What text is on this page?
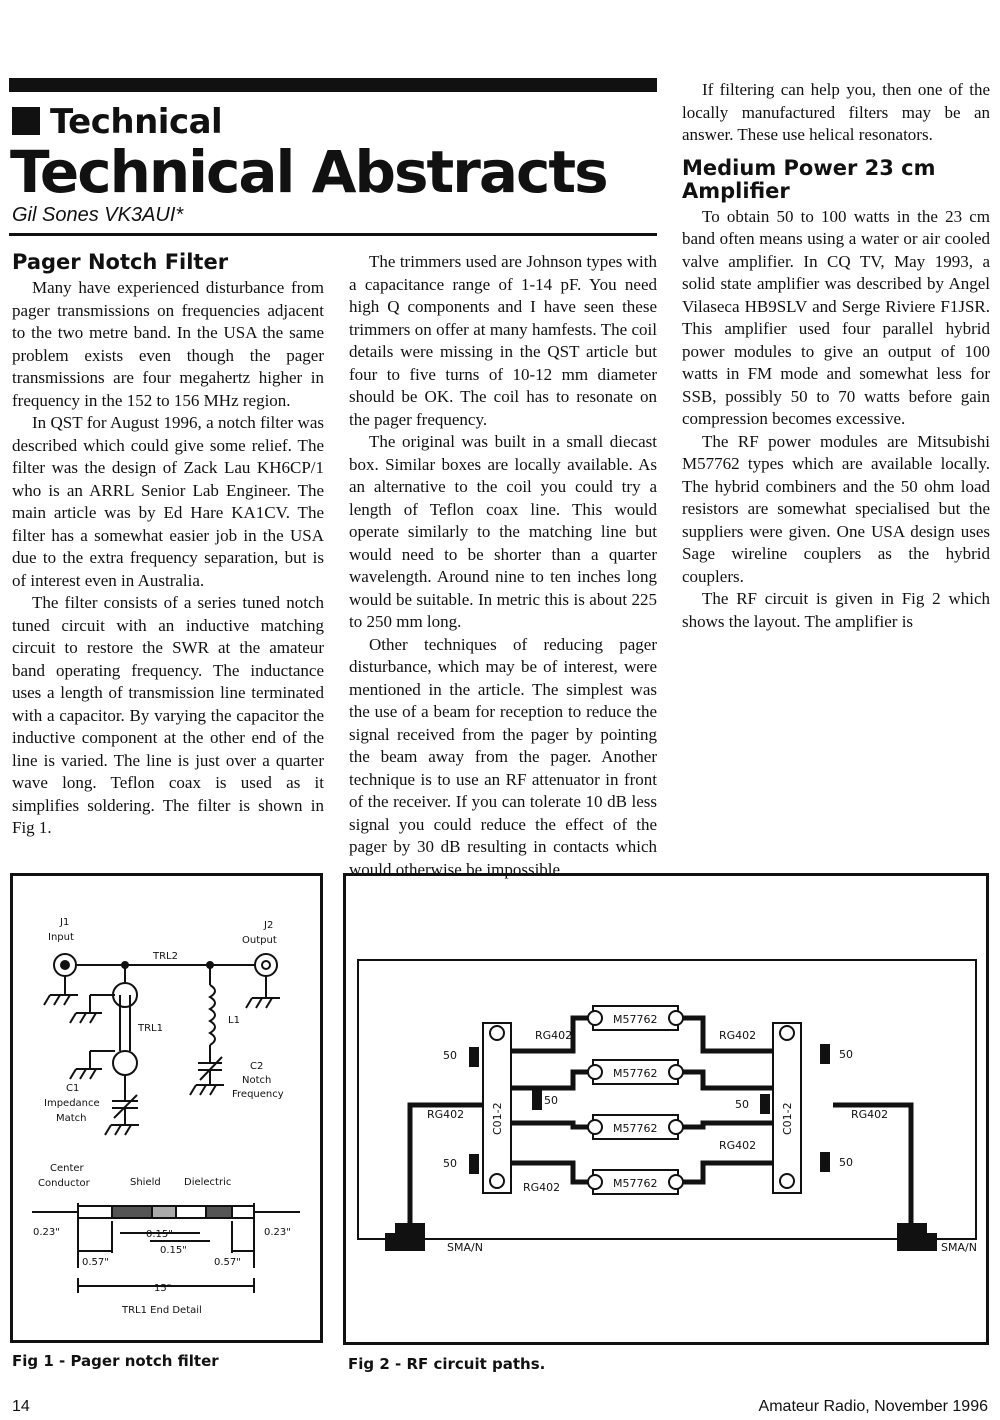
Technical
Technical Abstracts
Gil Sones VK3AUI*
Pager Notch Filter

Many have experienced disturbance from pager transmissions on frequencies adjacent to the two metre band. In the USA the same problem exists even though the pager transmissions are four megahertz higher in frequency in the 152 to 156 MHz region.

In QST for August 1996, a notch filter was described which could give some relief. The filter was the design of Zack Lau KH6CP/1 who is an ARRL Senior Lab Engineer. The main article was by Ed Hare KA1CV. The filter has a somewhat easier job in the USA due to the extra frequency separation, but is of interest even in Australia.

The filter consists of a series tuned notch tuned circuit with an inductive matching circuit to restore the SWR at the amateur band operating frequency. The inductance uses a length of transmission line terminated with a capacitor. By varying the capacitor the inductive component at the other end of the line is varied. The line is just over a quarter wave long. Teflon coax is used as it simplifies soldering. The filter is shown in Fig 1.

The trimmers used are Johnson types with a capacitance range of 1-14 pF. You need high Q components and I have seen these trimmers on offer at many hamfests. The coil details were missing in the QST article but four to five turns of 10-12 mm diameter should be OK. The coil has to resonate on the pager frequency.

The original was built in a small diecast box. Similar boxes are locally available. As an alternative to the coil you could try a length of Teflon coax line. This would operate similarly to the matching line but would need to be shorter than a quarter wavelength. Around nine to ten inches long would be suitable. In metric this is about 225 to 250 mm long.

Other techniques of reducing pager disturbance, which may be of interest, were mentioned in the article. The simplest was the use of a beam for reception to reduce the signal received from the pager by pointing the beam away from the pager. Another technique is to use an RF attenuator in front of the receiver. If you can tolerate 10 dB less signal you could reduce the effect of the pager by 30 dB resulting in contacts which would otherwise be impossible.

If filtering can help you, then one of the locally manufactured filters may be an answer. These use helical resonators.

Medium Power 23 cm Amplifier

To obtain 50 to 100 watts in the 23 cm band often means using a water or air cooled valve amplifier. In CQ TV, May 1993, a solid state amplifier was described by Angel Vilaseca HB9SLV and Serge Riviere F1JSR. This amplifier used four parallel hybrid power modules to give an output of 100 watts in FM mode and somewhat less for SSB, possibly 50 to 70 watts before gain compression becomes excessive.

The RF power modules are Mitsubishi M57762 types which are available locally. The hybrid combiners and the 50 ohm load resistors are somewhat specialised but the suppliers were given. One USA design uses Sage wireline couplers as the hybrid couplers.

The RF circuit is given in Fig 2 which shows the layout. The amplifier is

J1
Input
J2
Output
TRL2
TRL1
L1
C2
Notch
Frequency
C1
Impedance
Match
Center
Conductor	Shield Dielectric
0.23"	0.23"
0.15"
0.15"
0.57"	0.57"
15"
TRL1 End Detail
Fig 1 - Pager notch filter
RG402	RG402
RG402	RG402
RG402
RG402
50
50
50	50
50
50
SMA/N	SMA/N
M57762
M57762
M57762
M57762
C01-2	C01-2
Fig 2 - RF circuit paths.
14	Amateur Radio, November 1996
